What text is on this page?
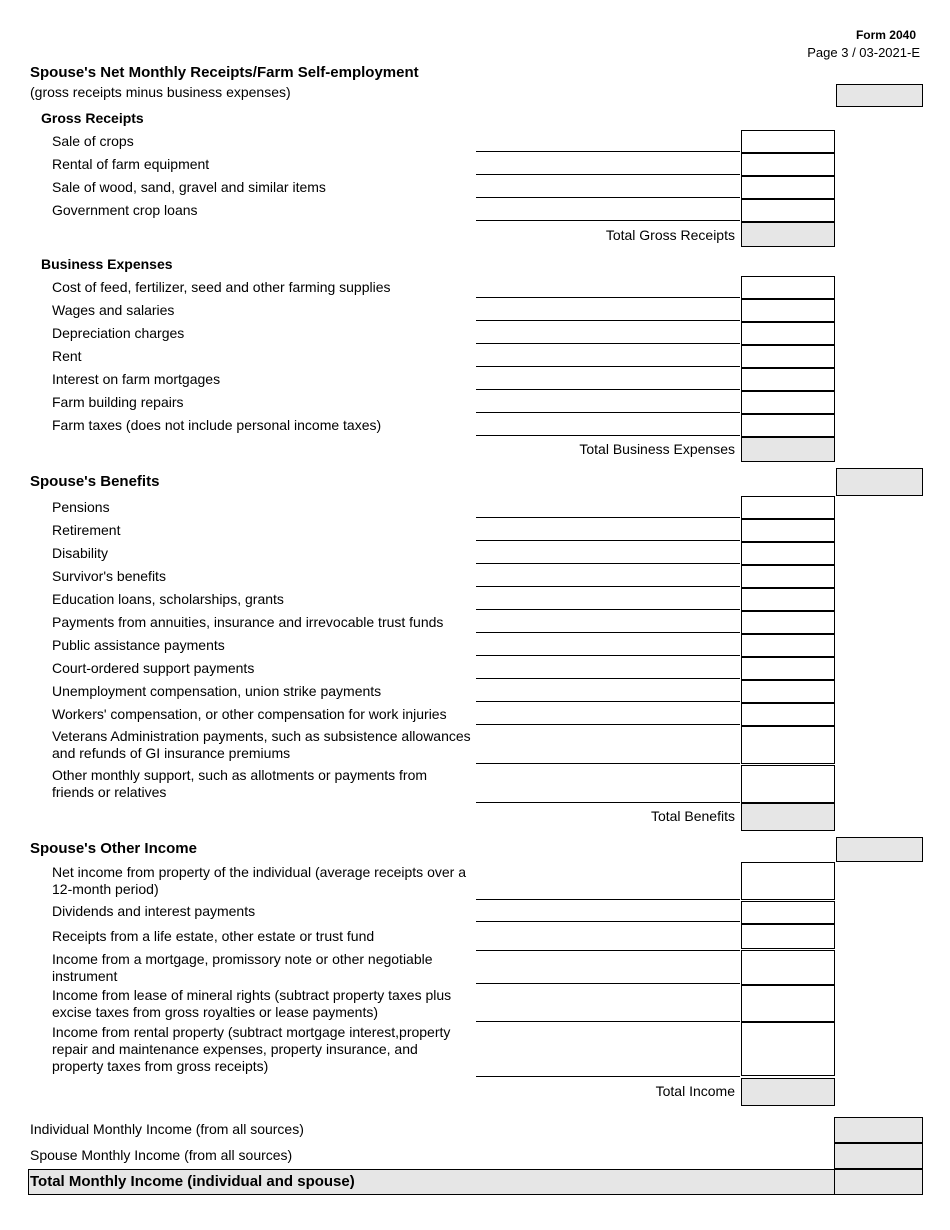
Form 2040
Page 3 / 03-2021-E
Spouse's Net Monthly Receipts/Farm Self-employment
(gross receipts minus business expenses)
Gross Receipts
Sale of crops
Rental of farm equipment
Sale of wood, sand, gravel and similar items
Government crop loans
Total Gross Receipts
Business Expenses
Cost of feed, fertilizer, seed and other farming supplies
Wages and salaries
Depreciation charges
Rent
Interest on farm mortgages
Farm building repairs
Farm taxes (does not include personal income taxes)
Total Business Expenses
Spouse's Benefits
Pensions
Retirement
Disability
Survivor's benefits
Education loans, scholarships, grants
Payments from annuities, insurance and irrevocable trust funds
Public assistance payments
Court-ordered support payments
Unemployment compensation, union strike payments
Workers' compensation, or other compensation for work injuries
Veterans Administration payments, such as subsistence allowances and refunds of GI insurance premiums
Other monthly support, such as allotments or payments from friends or relatives
Total Benefits
Spouse's Other Income
Net income from property of the individual (average receipts over a 12-month period)
Dividends and interest payments
Receipts from a life estate, other estate or trust fund
Income from a mortgage, promissory note or other negotiable instrument
Income from lease of mineral rights (subtract property taxes plus excise taxes from gross royalties or lease payments)
Income from rental property (subtract mortgage interest,property repair and maintenance expenses, property insurance, and property taxes from gross receipts)
Total Income
Individual Monthly Income (from all sources)
Spouse Monthly Income (from all sources)
Total Monthly Income (individual and spouse)
